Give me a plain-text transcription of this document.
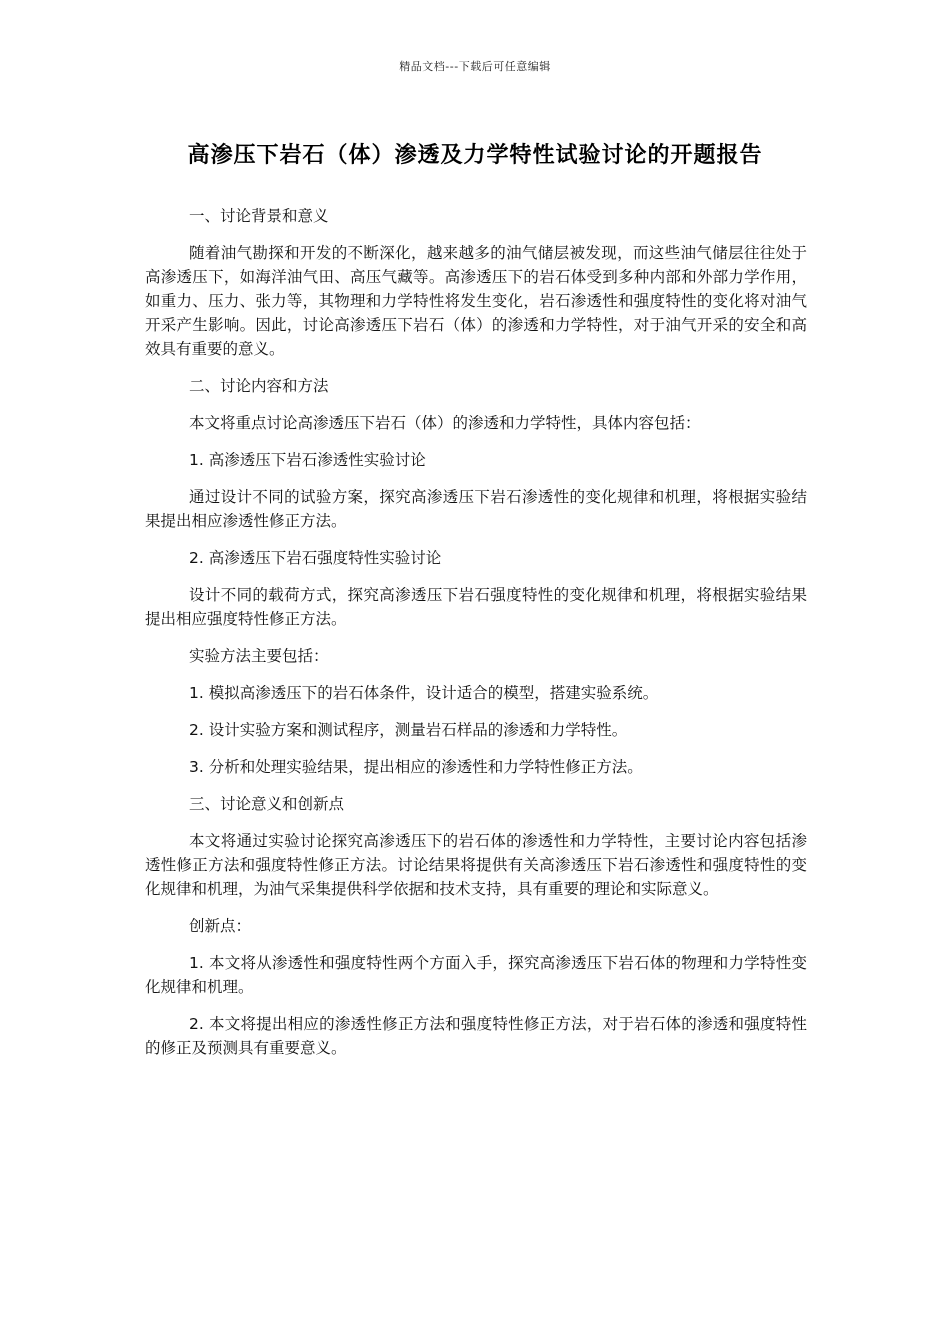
精品文档---下载后可任意编辑
高渗压下岩石（体）渗透及力学特性试验讨论的开题报告

一、讨论背景和意义

随着油气勘探和开发的不断深化，越来越多的油气储层被发现，而这些油气储层往往处于高渗透压下，如海洋油气田、高压气藏等。高渗透压下的岩石体受到多种内部和外部力学作用，如重力、压力、张力等，其物理和力学特性将发生变化，岩石渗透性和强度特性的变化将对油气开采产生影响。因此，讨论高渗透压下岩石（体）的渗透和力学特性，对于油气开采的安全和高效具有重要的意义。

二、讨论内容和方法

本文将重点讨论高渗透压下岩石（体）的渗透和力学特性，具体内容包括：

1. 高渗透压下岩石渗透性实验讨论

通过设计不同的试验方案，探究高渗透压下岩石渗透性的变化规律和机理，将根据实验结果提出相应渗透性修正方法。

2. 高渗透压下岩石强度特性实验讨论

设计不同的载荷方式，探究高渗透压下岩石强度特性的变化规律和机理，将根据实验结果提出相应强度特性修正方法。

实验方法主要包括：

1. 模拟高渗透压下的岩石体条件，设计适合的模型，搭建实验系统。

2. 设计实验方案和测试程序，测量岩石样品的渗透和力学特性。

3. 分析和处理实验结果，提出相应的渗透性和力学特性修正方法。

三、讨论意义和创新点

本文将通过实验讨论探究高渗透压下的岩石体的渗透性和力学特性，主要讨论内容包括渗透性修正方法和强度特性修正方法。讨论结果将提供有关高渗透压下岩石渗透性和强度特性的变化规律和机理，为油气采集提供科学依据和技术支持，具有重要的理论和实际意义。

创新点：

1. 本文将从渗透性和强度特性两个方面入手，探究高渗透压下岩石体的物理和力学特性变化规律和机理。

2. 本文将提出相应的渗透性修正方法和强度特性修正方法，对于岩石体的渗透和强度特性的修正及预测具有重要意义。
